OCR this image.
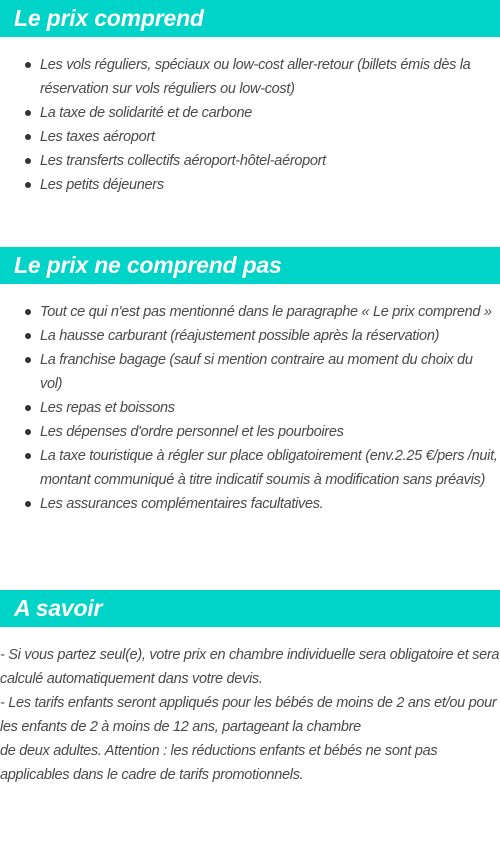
Le prix comprend
Les vols réguliers, spéciaux ou low-cost aller-retour (billets émis dès la réservation sur vols réguliers ou low-cost)
La taxe de solidarité et de carbone
Les taxes aéroport
Les transferts collectifs aéroport-hôtel-aéroport
Les petits déjeuners
Le prix ne comprend pas
Tout ce qui n'est pas mentionné dans le paragraphe « Le prix comprend »
La hausse carburant (réajustement possible après la réservation)
La franchise bagage (sauf si mention contraire au moment du choix du vol)
Les repas et boissons
Les dépenses d'ordre personnel et les pourboires
La taxe touristique à régler sur place obligatoirement (env.2.25 €/pers /nuit, montant communiqué à titre indicatif soumis à modification sans préavis)
Les assurances complémentaires facultatives.
A savoir
- Si vous partez seul(e), votre prix en chambre individuelle sera obligatoire et sera calculé automatiquement dans votre devis.
- Les tarifs enfants seront appliqués pour les bébés de moins de 2 ans et/ou pour les enfants de 2 à moins de 12 ans, partageant la chambre
de deux adultes. Attention : les réductions enfants et bébés ne sont pas applicables dans le cadre de tarifs promotionnels.
